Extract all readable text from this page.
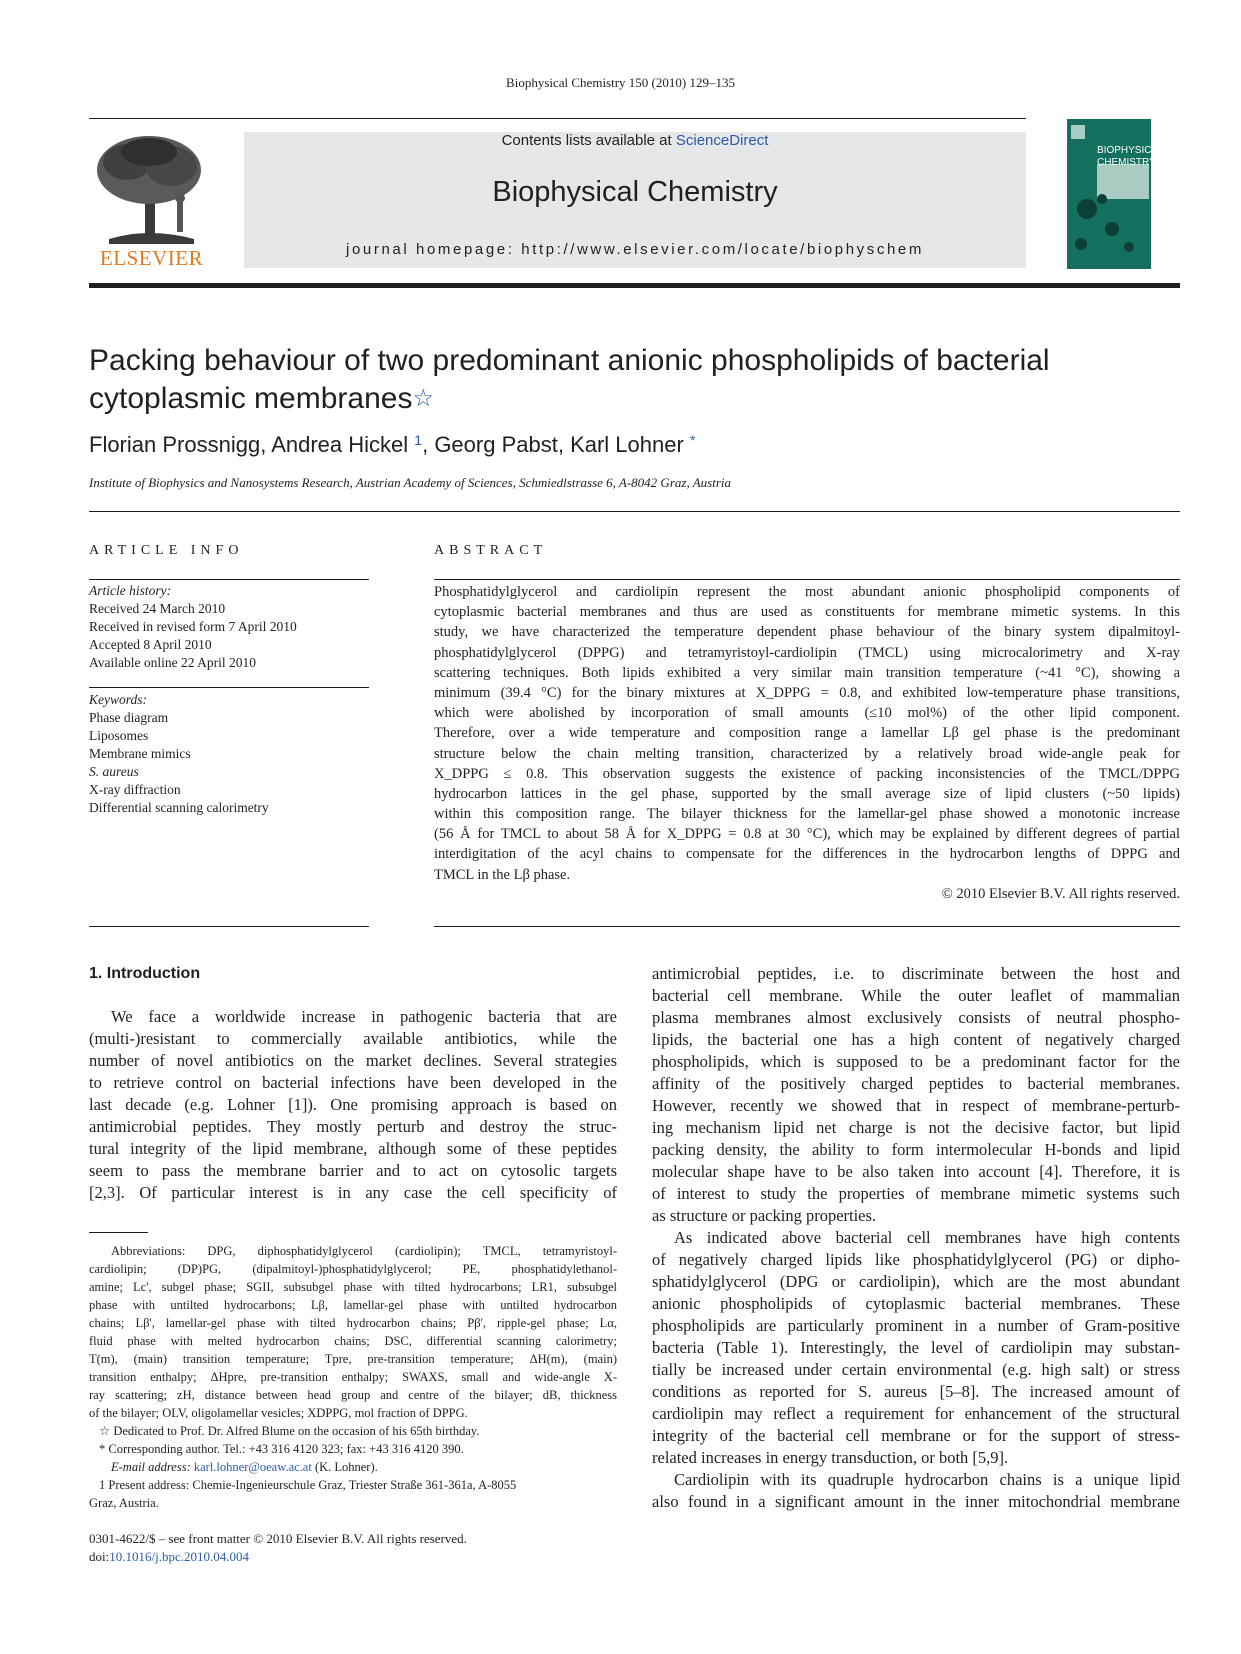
Biophysical Chemistry 150 (2010) 129–135
ELSEVIER
Contents lists available at ScienceDirect
Biophysical Chemistry
journal homepage: http://www.elsevier.com/locate/biophyschem
BIOPHYSICAL CHEMISTRY
Packing behaviour of two predominant anionic phospholipids of bacterial
cytoplasmic membranes☆
Florian Prossnigg, Andrea Hickel $^1$, Georg Pabst, Karl Lohner *
Institute of Biophysics and Nanosystems Research, Austrian Academy of Sciences, Schmiedlstrasse 6, A-8042 Graz, Austria
ARTICLE INFO
Article history:
Received 24 March 2010
Received in revised form 7 April 2010
Accepted 8 April 2010
Available online 22 April 2010
Keywords:
Phase diagram
Liposomes
Membrane mimics
S. aureus
X-ray diffraction
Differential scanning calorimetry
ABSTRACT
Phosphatidylglycerol and cardiolipin represent the most abundant anionic phospholipid components of
cytoplasmic bacterial membranes and thus are used as constituents for membrane mimetic systems. In this
study, we have characterized the temperature dependent phase behaviour of the binary system dipalmitoyl-
phosphatidylglycerol (DPPG) and tetramyristoyl-cardiolipin (TMCL) using microcalorimetry and X-ray
scattering techniques. Both lipids exhibited a very similar main transition temperature (~41 °C), showing a
minimum (39.4 °C) for the binary mixtures at X_DPPG = 0.8, and exhibited low-temperature phase transitions,
which were abolished by incorporation of small amounts (≤10 mol%) of the other lipid component.
Therefore, over a wide temperature and composition range a lamellar Lβ gel phase is the predominant
structure below the chain melting transition, characterized by a relatively broad wide-angle peak for
X_DPPG ≤ 0.8. This observation suggests the existence of packing inconsistencies of the TMCL/DPPG
hydrocarbon lattices in the gel phase, supported by the small average size of lipid clusters (~50 lipids)
within this composition range. The bilayer thickness for the lamellar-gel phase showed a monotonic increase
(56 Å for TMCL to about 58 Å for X_DPPG = 0.8 at 30 °C), which may be explained by different degrees of partial
interdigitation of the acyl chains to compensate for the differences in the hydrocarbon lengths of DPPG and
TMCL in the Lβ phase.
© 2010 Elsevier B.V. All rights reserved.
1. Introduction
We face a worldwide increase in pathogenic bacteria that are
(multi-)resistant to commercially available antibiotics, while the
number of novel antibiotics on the market declines. Several strategies
to retrieve control on bacterial infections have been developed in the
last decade (e.g. Lohner [1]). One promising approach is based on
antimicrobial peptides. They mostly perturb and destroy the struc-
tural integrity of the lipid membrane, although some of these peptides
seem to pass the membrane barrier and to act on cytosolic targets
[2,3]. Of particular interest is in any case the cell specificity of
Abbreviations: DPG, diphosphatidylglycerol (cardiolipin); TMCL, tetramyristoyl-
cardiolipin; (DP)PG, (dipalmitoyl-)phosphatidylglycerol; PE, phosphatidylethanol-
amine; Lc', subgel phase; SGII, subsubgel phase with tilted hydrocarbons; LR1, subsubgel
phase with untilted hydrocarbons; Lβ, lamellar-gel phase with untilted hydrocarbon
chains; Lβ', lamellar-gel phase with tilted hydrocarbon chains; Pβ', ripple-gel phase; Lα,
fluid phase with melted hydrocarbon chains; DSC, differential scanning calorimetry;
T(m), (main) transition temperature; Tpre, pre-transition temperature; ΔH(m), (main)
transition enthalpy; ΔHpre, pre-transition enthalpy; SWAXS, small and wide-angle X-
ray scattering; zH, distance between head group and centre of the bilayer; dB, thickness
of the bilayer; OLV, oligolamellar vesicles; XDPPG, mol fraction of DPPG.
☆ Dedicated to Prof. Dr. Alfred Blume on the occasion of his 65th birthday.
* Corresponding author. Tel.: +43 316 4120 323; fax: +43 316 4120 390.
E-mail address: karl.lohner@oeaw.ac.at (K. Lohner).
1 Present address: Chemie-Ingenieurschule Graz, Triester Straße 361-361a, A-8055
Graz, Austria.
0301-4622/$ – see front matter © 2010 Elsevier B.V. All rights reserved.
doi:10.1016/j.bpc.2010.04.004
antimicrobial peptides, i.e. to discriminate between the host and
bacterial cell membrane. While the outer leaflet of mammalian
plasma membranes almost exclusively consists of neutral phospho-
lipids, the bacterial one has a high content of negatively charged
phospholipids, which is supposed to be a predominant factor for the
affinity of the positively charged peptides to bacterial membranes.
However, recently we showed that in respect of membrane-perturb-
ing mechanism lipid net charge is not the decisive factor, but lipid
packing density, the ability to form intermolecular H-bonds and lipid
molecular shape have to be also taken into account [4]. Therefore, it is
of interest to study the properties of membrane mimetic systems such
as structure or packing properties.
As indicated above bacterial cell membranes have high contents
of negatively charged lipids like phosphatidylglycerol (PG) or dipho-
sphatidylglycerol (DPG or cardiolipin), which are the most abundant
anionic phospholipids of cytoplasmic bacterial membranes. These
phospholipids are particularly prominent in a number of Gram-positive
bacteria (Table 1). Interestingly, the level of cardiolipin may substan-
tially be increased under certain environmental (e.g. high salt) or stress
conditions as reported for S. aureus [5–8]. The increased amount of
cardiolipin may reflect a requirement for enhancement of the structural
integrity of the bacterial cell membrane or for the support of stress-
related increases in energy transduction, or both [5,9].
Cardiolipin with its quadruple hydrocarbon chains is a unique lipid
also found in a significant amount in the inner mitochondrial membrane
